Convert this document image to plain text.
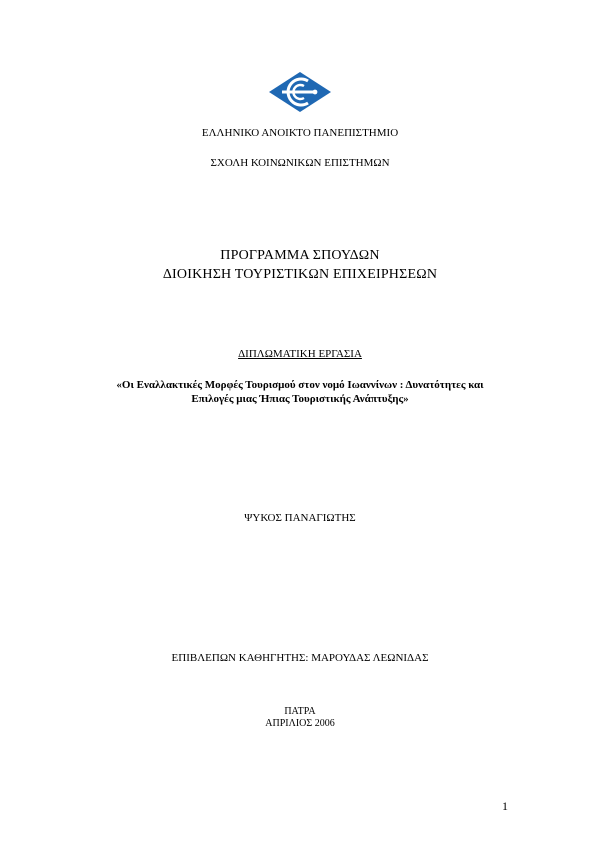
ΕΛΛΗΝΙΚΟ ΑΝΟΙΚΤΟ ΠΑΝΕΠΙΣΤΗΜΙΟ
ΣΧΟΛΗ ΚΟΙΝΩΝΙΚΩΝ ΕΠΙΣΤΗΜΩΝ
ΠΡΟΓΡΑΜΜΑ ΣΠΟΥΔΩΝ
ΔΙΟΙΚΗΣΗ ΤΟΥΡΙΣΤΙΚΩΝ ΕΠΙΧΕΙΡΗΣΕΩΝ
ΔΙΠΛΩΜΑΤΙΚΗ ΕΡΓΑΣΙΑ
«Οι Εναλλακτικές Μορφές Τουρισμού στον νομό Ιωαννίνων : Δυνατότητες και
Επιλογές μιας Ήπιας Τουριστικής Ανάπτυξης»
ΨΥΚΟΣ ΠΑΝΑΓΙΩΤΗΣ
ΕΠΙΒΛΕΠΩΝ ΚΑΘΗΓΗΤΗΣ: ΜΑΡΟΥΔΑΣ ΛΕΩΝΙΔΑΣ
ΠΑΤΡΑ
ΑΠΡΙΛΙΟΣ 2006
1
